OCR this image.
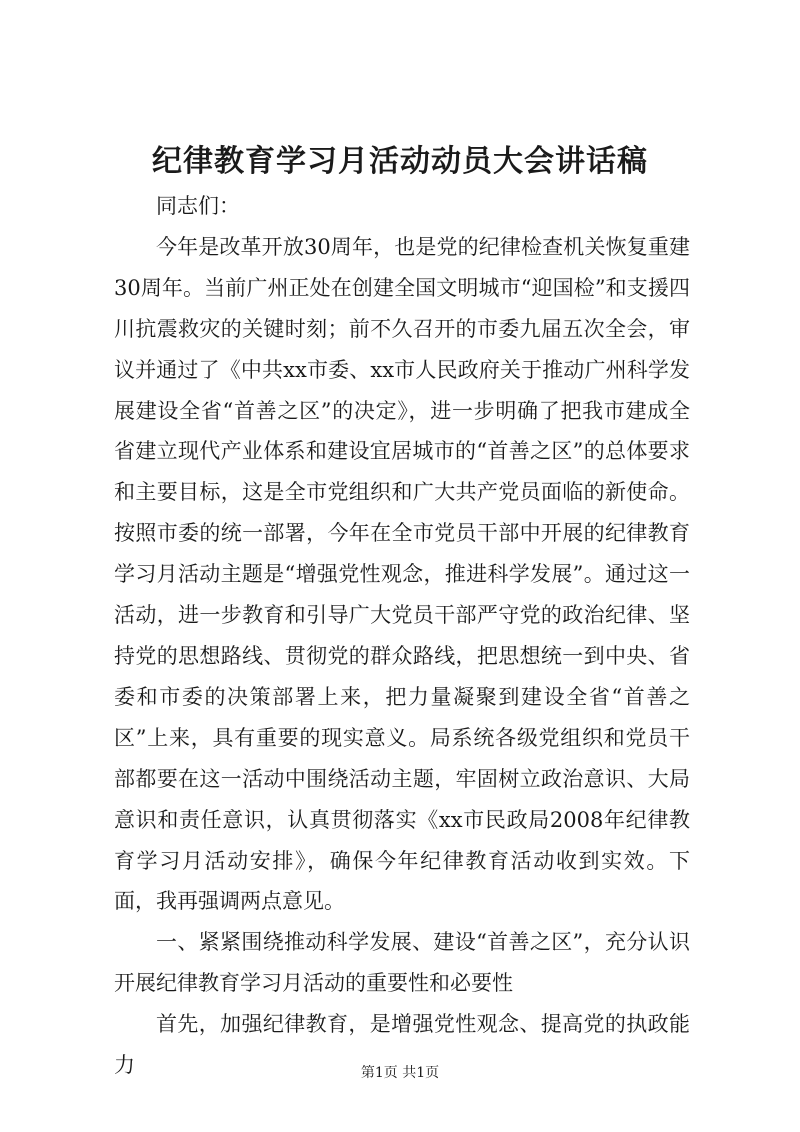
纪律教育学习月活动动员大会讲话稿

同志们：

今年是改革开放30周年，也是党的纪律检查机关恢复重建30周年。当前广州正处在创建全国文明城市“迎国检”和支援四川抗震救灾的关键时刻；前不久召开的市委九届五次全会，审议并通过了《中共xx市委、xx市人民政府关于推动广州科学发展建设全省“首善之区”的决定》，进一步明确了把我市建成全省建立现代产业体系和建设宜居城市的“首善之区”的总体要求和主要目标，这是全市党组织和广大共产党员面临的新使命。按照市委的统一部署，今年在全市党员干部中开展的纪律教育学习月活动主题是“增强党性观念，推进科学发展”。通过这一活动，进一步教育和引导广大党员干部严守党的政治纪律、坚持党的思想路线、贯彻党的群众路线，把思想统一到中央、省委和市委的决策部署上来，把力量凝聚到建设全省“首善之区”上来，具有重要的现实意义。局系统各级党组织和党员干部都要在这一活动中围绕活动主题，牢固树立政治意识、大局意识和责任意识，认真贯彻落实《xx市民政局2008年纪律教育学习月活动安排》，确保今年纪律教育活动收到实效。下面，我再强调两点意见。

一、紧紧围绕推动科学发展、建设“首善之区”，充分认识开展纪律教育学习月活动的重要性和必要性

首先，加强纪律教育，是增强党性观念、提高党的执政能力	第1页 共1页
